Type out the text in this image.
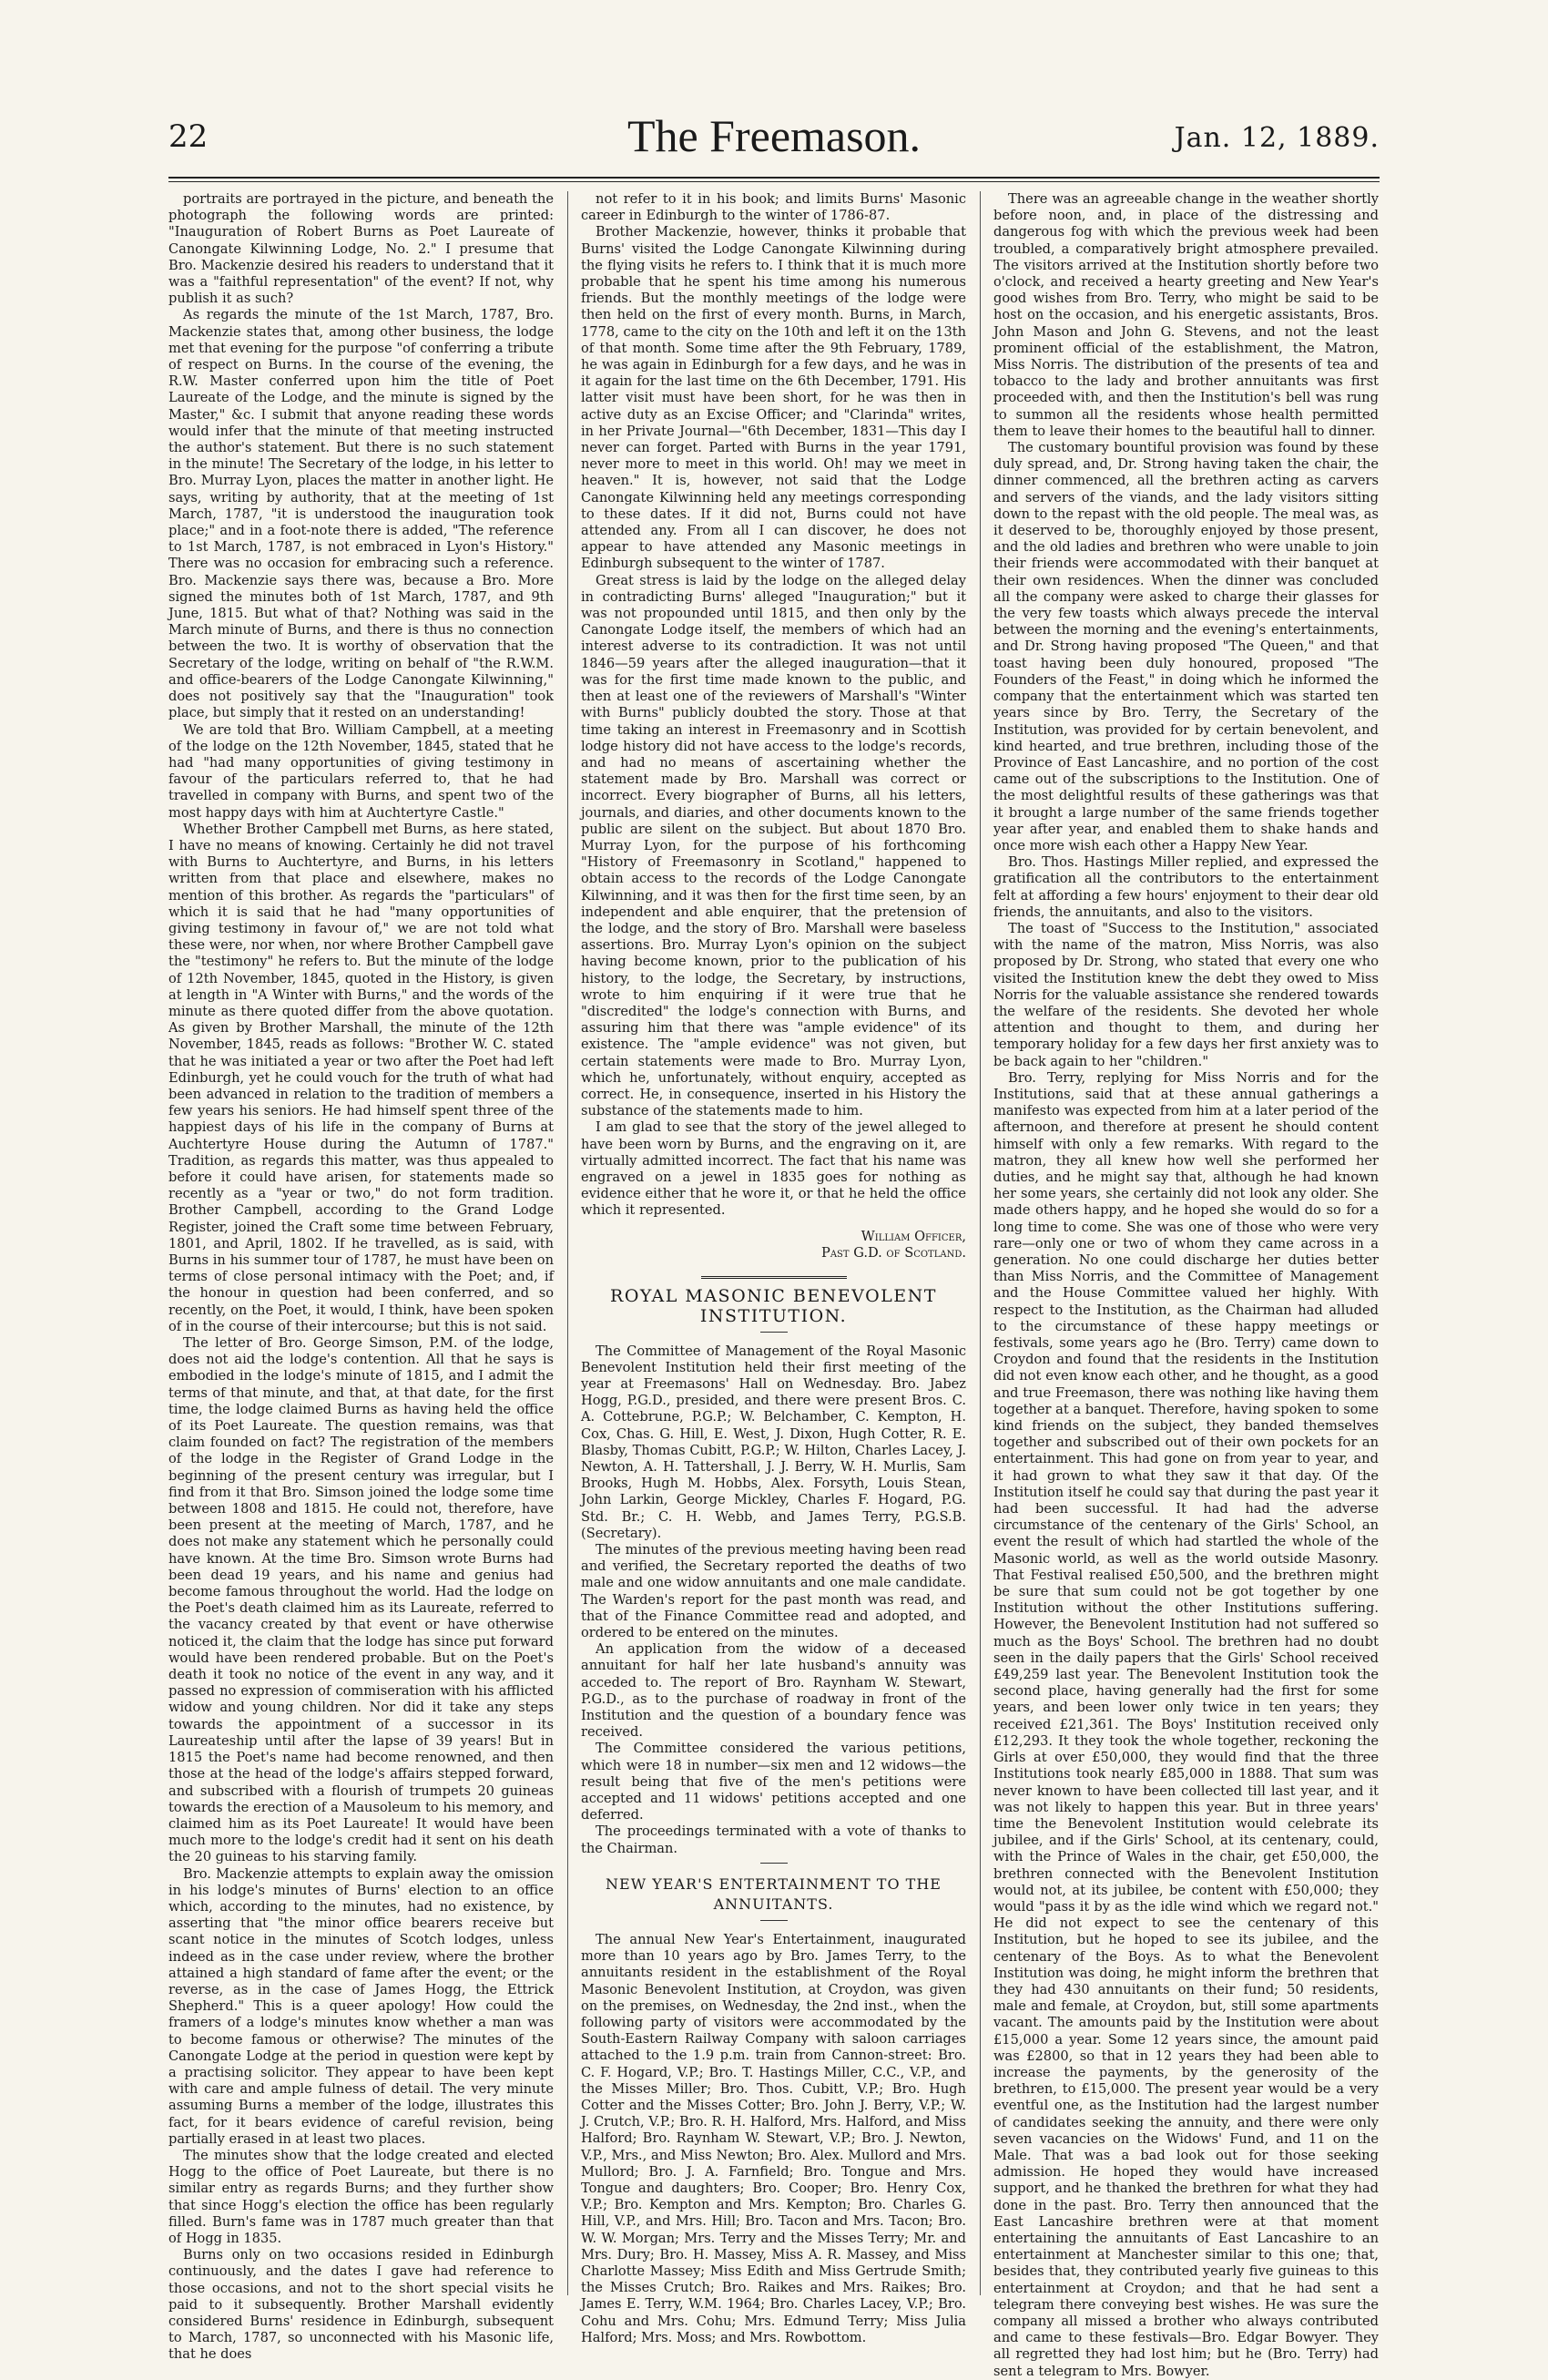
22	The Freemason.	Jan. 12, 1889.

portraits are portrayed in the picture, and beneath the photograph the following words are printed: "Inauguration of Robert Burns as Poet Laureate of Canongate Kilwinning Lodge, No. 2." I presume that Bro. Mackenzie desired his readers to understand that it was a "faithful representation" of the event? If not, why publish it as such?

As regards the minute of the 1st March, 1787, Bro. Mackenzie states that, among other business, the lodge met that evening for the purpose "of conferring a tribute of respect on Burns. In the course of the evening, the R.W. Master conferred upon him the title of Poet Laureate of the Lodge, and the minute is signed by the Master," &c. I submit that anyone reading these words would infer that the minute of that meeting instructed the author's statement. But there is no such statement in the minute! The Secretary of the lodge, in his letter to Bro. Murray Lyon, places the matter in another light. He says, writing by authority, that at the meeting of 1st March, 1787, "it is understood the inauguration took place;" and in a foot-note there is added, "The reference to 1st March, 1787, is not embraced in Lyon's History." There was no occasion for embracing such a reference. Bro. Mackenzie says there was, because a Bro. More signed the minutes both of 1st March, 1787, and 9th June, 1815. But what of that? Nothing was said in the March minute of Burns, and there is thus no connection between the two. It is worthy of observation that the Secretary of the lodge, writing on behalf of "the R.W.M. and office-bearers of the Lodge Canongate Kilwinning," does not positively say that the "Inauguration" took place, but simply that it rested on an understanding!

We are told that Bro. William Campbell, at a meeting of the lodge on the 12th November, 1845, stated that he had "had many opportunities of giving testimony in favour of the particulars referred to, that he had travelled in company with Burns, and spent two of the most happy days with him at Auchtertyre Castle."

Whether Brother Campbell met Burns, as here stated, I have no means of knowing. Certainly he did not travel with Burns to Auchtertyre, and Burns, in his letters written from that place and elsewhere, makes no mention of this brother. As regards the "particulars" of which it is said that he had "many opportunities of giving testimony in favour of," we are not told what these were, nor when, nor where Brother Campbell gave the "testimony" he refers to. But the minute of the lodge of 12th November, 1845, quoted in the History, is given at length in "A Winter with Burns," and the words of the minute as there quoted differ from the above quotation. As given by Brother Marshall, the minute of the 12th November, 1845, reads as follows: "Brother W. C. stated that he was initiated a year or two after the Poet had left Edinburgh, yet he could vouch for the truth of what had been advanced in relation to the tradition of members a few years his seniors. He had himself spent three of the happiest days of his life in the company of Burns at Auchtertyre House during the Autumn of 1787." Tradition, as regards this matter, was thus appealed to before it could have arisen, for statements made so recently as a "year or two," do not form tradition. Brother Campbell, according to the Grand Lodge Register, joined the Craft some time between February, 1801, and April, 1802. If he travelled, as is said, with Burns in his summer tour of 1787, he must have been on terms of close personal intimacy with the Poet; and, if the honour in question had been conferred, and so recently, on the Poet, it would, I think, have been spoken of in the course of their intercourse; but this is not said.

The letter of Bro. George Simson, P.M. of the lodge, does not aid the lodge's contention. All that he says is embodied in the lodge's minute of 1815, and I admit the terms of that minute, and that, at that date, for the first time, the lodge claimed Burns as having held the office of its Poet Laureate. The question remains, was that claim founded on fact? The registration of the members of the lodge in the Register of Grand Lodge in the beginning of the present century was irregular, but I find from it that Bro. Simson joined the lodge some time between 1808 and 1815. He could not, therefore, have been present at the meeting of March, 1787, and he does not make any statement which he personally could have known. At the time Bro. Simson wrote Burns had been dead 19 years, and his name and genius had become famous throughout the world. Had the lodge on the Poet's death claimed him as its Laureate, referred to the vacancy created by that event or have otherwise noticed it, the claim that the lodge has since put forward would have been rendered probable. But on the Poet's death it took no notice of the event in any way, and it passed no expression of commiseration with his afflicted widow and young children. Nor did it take any steps towards the appointment of a successor in its Laureateship until after the lapse of 39 years! But in 1815 the Poet's name had become renowned, and then those at the head of the lodge's affairs stepped forward, and subscribed with a flourish of trumpets 20 guineas towards the erection of a Mausoleum to his memory, and claimed him as its Poet Laureate! It would have been much more to the lodge's credit had it sent on his death the 20 guineas to his starving family.

Bro. Mackenzie attempts to explain away the omission in his lodge's minutes of Burns' election to an office which, according to the minutes, had no existence, by asserting that "the minor office bearers receive but scant notice in the minutes of Scotch lodges, unless indeed as in the case under review, where the brother attained a high standard of fame after the event; or the reverse, as in the case of James Hogg, the Ettrick Shepherd." This is a queer apology! How could the framers of a lodge's minutes know whether a man was to become famous or otherwise? The minutes of the Canongate Lodge at the period in question were kept by a practising solicitor. They appear to have been kept with care and ample fulness of detail. The very minute assuming Burns a member of the lodge, illustrates this fact, for it bears evidence of careful revision, being partially erased in at least two places.

The minutes show that the lodge created and elected Hogg to the office of Poet Laureate, but there is no similar entry as regards Burns; and they further show that since Hogg's election the office has been regularly filled. Burn's fame was in 1787 much greater than that of Hogg in 1835.

Burns only on two occasions resided in Edinburgh continuously, and the dates I gave had reference to those occasions, and not to the short special visits he paid to it subsequently. Brother Marshall evidently considered Burns' residence in Edinburgh, subsequent to March, 1787, so unconnected with his Masonic life, that he does

not refer to it in his book; and limits Burns' Masonic career in Edinburgh to the winter of 1786-87.

Brother Mackenzie, however, thinks it probable that Burns' visited the Lodge Canongate Kilwinning during the flying visits he refers to. I think that it is much more probable that he spent his time among his numerous friends. But the monthly meetings of the lodge were then held on the first of every month. Burns, in March, 1778, came to the city on the 10th and left it on the 13th of that month. Some time after the 9th February, 1789, he was again in Edinburgh for a few days, and he was in it again for the last time on the 6th December, 1791. His latter visit must have been short, for he was then in active duty as an Excise Officer; and "Clarinda" writes, in her Private Journal—"6th December, 1831—This day I never can forget. Parted with Burns in the year 1791, never more to meet in this world. Oh! may we meet in heaven." It is, however, not said that the Lodge Canongate Kilwinning held any meetings corresponding to these dates. If it did not, Burns could not have attended any. From all I can discover, he does not appear to have attended any Masonic meetings in Edinburgh subsequent to the winter of 1787.

Great stress is laid by the lodge on the alleged delay in contradicting Burns' alleged "Inauguration;" but it was not propounded until 1815, and then only by the Canongate Lodge itself, the members of which had an interest adverse to its contradiction. It was not until 1846—59 years after the alleged inauguration—that it was for the first time made known to the public, and then at least one of the reviewers of Marshall's "Winter with Burns" publicly doubted the story. Those at that time taking an interest in Freemasonry and in Scottish lodge history did not have access to the lodge's records, and had no means of ascertaining whether the statement made by Bro. Marshall was correct or incorrect. Every biographer of Burns, all his letters, journals, and diaries, and other documents known to the public are silent on the subject. But about 1870 Bro. Murray Lyon, for the purpose of his forthcoming "History of Freemasonry in Scotland," happened to obtain access to the records of the Lodge Canongate Kilwinning, and it was then for the first time seen, by an independent and able enquirer, that the pretension of the lodge, and the story of Bro. Marshall were baseless assertions. Bro. Murray Lyon's opinion on the subject having become known, prior to the publication of his history, to the lodge, the Secretary, by instructions, wrote to him enquiring if it were true that he "discredited" the lodge's connection with Burns, and assuring him that there was "ample evidence" of its existence. The "ample evidence" was not given, but certain statements were made to Bro. Murray Lyon, which he, unfortunately, without enquiry, accepted as correct. He, in consequence, inserted in his History the substance of the statements made to him.

I am glad to see that the story of the jewel alleged to have been worn by Burns, and the engraving on it, are virtually admitted incorrect. The fact that his name was engraved on a jewel in 1835 goes for nothing as evidence either that he wore it, or that he held the office which it represented.

William Officer,
Past G.D. of Scotland.
ROYAL MASONIC BENEVOLENT INSTITUTION.

The Committee of Management of the Royal Masonic Benevolent Institution held their first meeting of the year at Freemasons' Hall on Wednesday. Bro. Jabez Hogg, P.G.D., presided, and there were present Bros. C. A. Cottebrune, P.G.P.; W. Belchamber, C. Kempton, H. Cox, Chas. G. Hill, E. West, J. Dixon, Hugh Cotter, R. E. Blasby, Thomas Cubitt, P.G.P.; W. Hilton, Charles Lacey, J. Newton, A. H. Tattershall, J. J. Berry, W. H. Murlis, Sam Brooks, Hugh M. Hobbs, Alex. Forsyth, Louis Stean, John Larkin, George Mickley, Charles F. Hogard, P.G. Std. Br.; C. H. Webb, and James Terry, P.G.S.B. (Secretary).

The minutes of the previous meeting having been read and verified, the Secretary reported the deaths of two male and one widow annuitants and one male candidate. The Warden's report for the past month was read, and that of the Finance Committee read and adopted, and ordered to be entered on the minutes.

An application from the widow of a deceased annuitant for half her late husband's annuity was acceded to. The report of Bro. Raynham W. Stewart, P.G.D., as to the purchase of roadway in front of the Institution and the question of a boundary fence was received.

The Committee considered the various petitions, which were 18 in number—six men and 12 widows—the result being that five of the men's petitions were accepted and 11 widows' petitions accepted and one deferred.

The proceedings terminated with a vote of thanks to the Chairman.

NEW YEAR'S ENTERTAINMENT TO THE ANNUITANTS.

The annual New Year's Entertainment, inaugurated more than 10 years ago by Bro. James Terry, to the annuitants resident in the establishment of the Royal Masonic Benevolent Institution, at Croydon, was given on the premises, on Wednesday, the 2nd inst., when the following party of visitors were accommodated by the South-Eastern Railway Company with saloon carriages attached to the 1.9 p.m. train from Cannon-street: Bro. C. F. Hogard, V.P.; Bro. T. Hastings Miller, C.C., V.P., and the Misses Miller; Bro. Thos. Cubitt, V.P.; Bro. Hugh Cotter and the Misses Cotter; Bro. John J. Berry, V.P.; W. J. Crutch, V.P.; Bro. R. H. Halford, Mrs. Halford, and Miss Halford; Bro. Raynham W. Stewart, V.P.; Bro. J. Newton, V.P., Mrs., and Miss Newton; Bro. Alex. Mullord and Mrs. Mullord; Bro. J. A. Farnfield; Bro. Tongue and Mrs. Tongue and daughters; Bro. Cooper; Bro. Henry Cox, V.P.; Bro. Kempton and Mrs. Kempton; Bro. Charles G. Hill, V.P., and Mrs. Hill; Bro. Tacon and Mrs. Tacon; Bro. W. W. Morgan; Mrs. Terry and the Misses Terry; Mr. and Mrs. Dury; Bro. H. Massey, Miss A. R. Massey, and Miss Charlotte Massey; Miss Edith and Miss Gertrude Smith; the Misses Crutch; Bro. Raikes and Mrs. Raikes; Bro. James E. Terry, W.M. 1964; Bro. Charles Lacey, V.P.; Bro. Cohu and Mrs. Cohu; Mrs. Edmund Terry; Miss Julia Halford; Mrs. Moss; and Mrs. Rowbottom.

There was an agreeable change in the weather shortly before noon, and, in place of the distressing and dangerous fog with which the previous week had been troubled, a comparatively bright atmosphere prevailed. The visitors arrived at the Institution shortly before two o'clock, and received a hearty greeting and New Year's good wishes from Bro. Terry, who might be said to be host on the occasion, and his energetic assistants, Bros. John Mason and John G. Stevens, and not the least prominent official of the establishment, the Matron, Miss Norris. The distribution of the presents of tea and tobacco to the lady and brother annuitants was first proceeded with, and then the Institution's bell was rung to summon all the residents whose health permitted them to leave their homes to the beautiful hall to dinner.

The customary bountiful provision was found by these duly spread, and, Dr. Strong having taken the chair, the dinner commenced, all the brethren acting as carvers and servers of the viands, and the lady visitors sitting down to the repast with the old people. The meal was, as it deserved to be, thoroughly enjoyed by those present, and the old ladies and brethren who were unable to join their friends were accommodated with their banquet at their own residences. When the dinner was concluded all the company were asked to charge their glasses for the very few toasts which always precede the interval between the morning and the evening's entertainments, and Dr. Strong having proposed "The Queen," and that toast having been duly honoured, proposed "The Founders of the Feast," in doing which he informed the company that the entertainment which was started ten years since by Bro. Terry, the Secretary of the Institution, was provided for by certain benevolent, and kind hearted, and true brethren, including those of the Province of East Lancashire, and no portion of the cost came out of the subscriptions to the Institution. One of the most delightful results of these gatherings was that it brought a large number of the same friends together year after year, and enabled them to shake hands and once more wish each other a Happy New Year.

Bro. Thos. Hastings Miller replied, and expressed the gratification all the contributors to the entertainment felt at affording a few hours' enjoyment to their dear old friends, the annuitants, and also to the visitors.

The toast of "Success to the Institution," associated with the name of the matron, Miss Norris, was also proposed by Dr. Strong, who stated that every one who visited the Institution knew the debt they owed to Miss Norris for the valuable assistance she rendered towards the welfare of the residents. She devoted her whole attention and thought to them, and during her temporary holiday for a few days her first anxiety was to be back again to her "children."

Bro. Terry, replying for Miss Norris and for the Institutions, said that at these annual gatherings a manifesto was expected from him at a later period of the afternoon, and therefore at present he should content himself with only a few remarks. With regard to the matron, they all knew how well she performed her duties, and he might say that, although he had known her some years, she certainly did not look any older. She made others happy, and he hoped she would do so for a long time to come. She was one of those who were very rare—only one or two of whom they came across in a generation. No one could discharge her duties better than Miss Norris, and the Committee of Management and the House Committee valued her highly. With respect to the Institution, as the Chairman had alluded to the circumstance of these happy meetings or festivals, some years ago he (Bro. Terry) came down to Croydon and found that the residents in the Institution did not even know each other, and he thought, as a good and true Freemason, there was nothing like having them together at a banquet. Therefore, having spoken to some kind friends on the subject, they banded themselves together and subscribed out of their own pockets for an entertainment. This had gone on from year to year, and it had grown to what they saw it that day. Of the Institution itself he could say that during the past year it had been successful. It had had the adverse circumstance of the centenary of the Girls' School, an event the result of which had startled the whole of the Masonic world, as well as the world outside Masonry. That Festival realised £50,500, and the brethren might be sure that sum could not be got together by one Institution without the other Institutions suffering. However, the Benevolent Institution had not suffered so much as the Boys' School. The brethren had no doubt seen in the daily papers that the Girls' School received £49,259 last year. The Benevolent Institution took the second place, having generally had the first for some years, and been lower only twice in ten years; they received £21,361. The Boys' Institution received only £12,293. It they took the whole together, reckoning the Girls at over £50,000, they would find that the three Institutions took nearly £85,000 in 1888. That sum was never known to have been collected till last year, and it was not likely to happen this year. But in three years' time the Benevolent Institution would celebrate its jubilee, and if the Girls' School, at its centenary, could, with the Prince of Wales in the chair, get £50,000, the brethren connected with the Benevolent Institution would not, at its jubilee, be content with £50,000; they would "pass it by as the idle wind which we regard not." He did not expect to see the centenary of this Institution, but he hoped to see its jubilee, and the centenary of the Boys. As to what the Benevolent Institution was doing, he might inform the brethren that they had 430 annuitants on their fund; 50 residents, male and female, at Croydon, but, still some apartments vacant. The amounts paid by the Institution were about £15,000 a year. Some 12 years since, the amount paid was £2800, so that in 12 years they had been able to increase the payments, by the generosity of the brethren, to £15,000. The present year would be a very eventful one, as the Institution had the largest number of candidates seeking the annuity, and there were only seven vacancies on the Widows' Fund, and 11 on the Male. That was a bad look out for those seeking admission. He hoped they would have increased support, and he thanked the brethren for what they had done in the past. Bro. Terry then announced that the East Lancashire brethren were at that moment entertaining the annuitants of East Lancashire to an entertainment at Manchester similar to this one; that, besides that, they contributed yearly five guineas to this entertainment at Croydon; and that he had sent a telegram there conveying best wishes. He was sure the company all missed a brother who always contributed and came to these festivals—Bro. Edgar Bowyer. They all regretted they had lost him; but he (Bro. Terry) had sent a telegram to Mrs. Bowyer.
